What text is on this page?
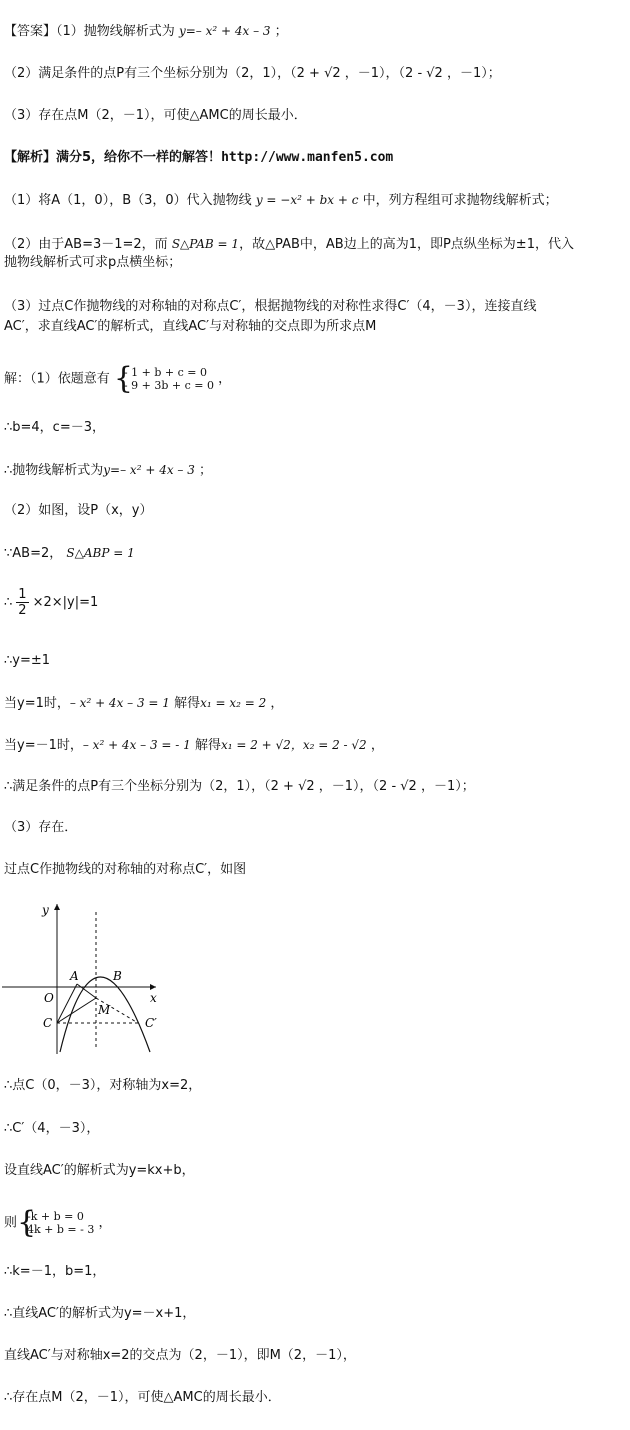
【答案】（1）抛物线解析式为 y=– x² + 4x – 3 ；
（2）满足条件的点P有三个坐标分别为（2，1），（2 + √2 ，－1），（2 - √2 ，－1）；
（3）存在点M（2，－1），可使△AMC的周长最小．
【解析】满分5，给你不一样的解答！http://www.manfen5.com
（1）将A（1，0），B（3，0）代入抛物线 y = −x² + bx + c 中，列方程组可求抛物线解析式；
（2）由于AB=3－1=2，而 S△PAB = 1，故△PAB中，AB边上的高为1，即P点纵坐标为±1，代入
抛物线解析式可求p点横坐标；
（3）过点C作抛物线的对称轴的对称点C′，根据抛物线的对称性求得C′（4，－3），连接直线
AC′，求直线AC′的解析式，直线AC′与对称轴的交点即为所求点M
解：（1）依题意有 {
- 1 + b + c = 0
- 9 + 3b + c = 0 ，
∴b=4，c=－3，
∴抛物线解析式为y=– x² + 4x – 3 ；
（2）如图，设P（x，y）
∵AB=2， S△ABP = 1
∴ $\frac{1}{2} \times 2\times|y|=1$
∴y=±1
当y=1时，– x² + 4x – 3 = 1 解得x₁ = x₂ = 2 ，
当y=－1时，– x² + 4x – 3 = - 1 解得x₁ = 2 + √2，x₂ = 2 - √2 ，
∴满足条件的点P有三个坐标分别为（2，1），（2 + √2 ，－1），（2 - √2 ，－1）；
（3）存在．
过点C作抛物线的对称轴的对称点C′，如图
y
x
O
A	B
C	C′
M
∴点C（0，－3），对称轴为x=2，
∴C′（4，－3），
设直线AC′的解析式为y=kx+b，
则 {
-k + b = 0
4k + b = - 3 ，
∴k=－1，b=1，
∴直线AC′的解析式为y=－x+1，
直线AC′与对称轴x=2的交点为（2，－1），即M（2，－1），
∴存在点M（2，－1），可使△AMC的周长最小．
